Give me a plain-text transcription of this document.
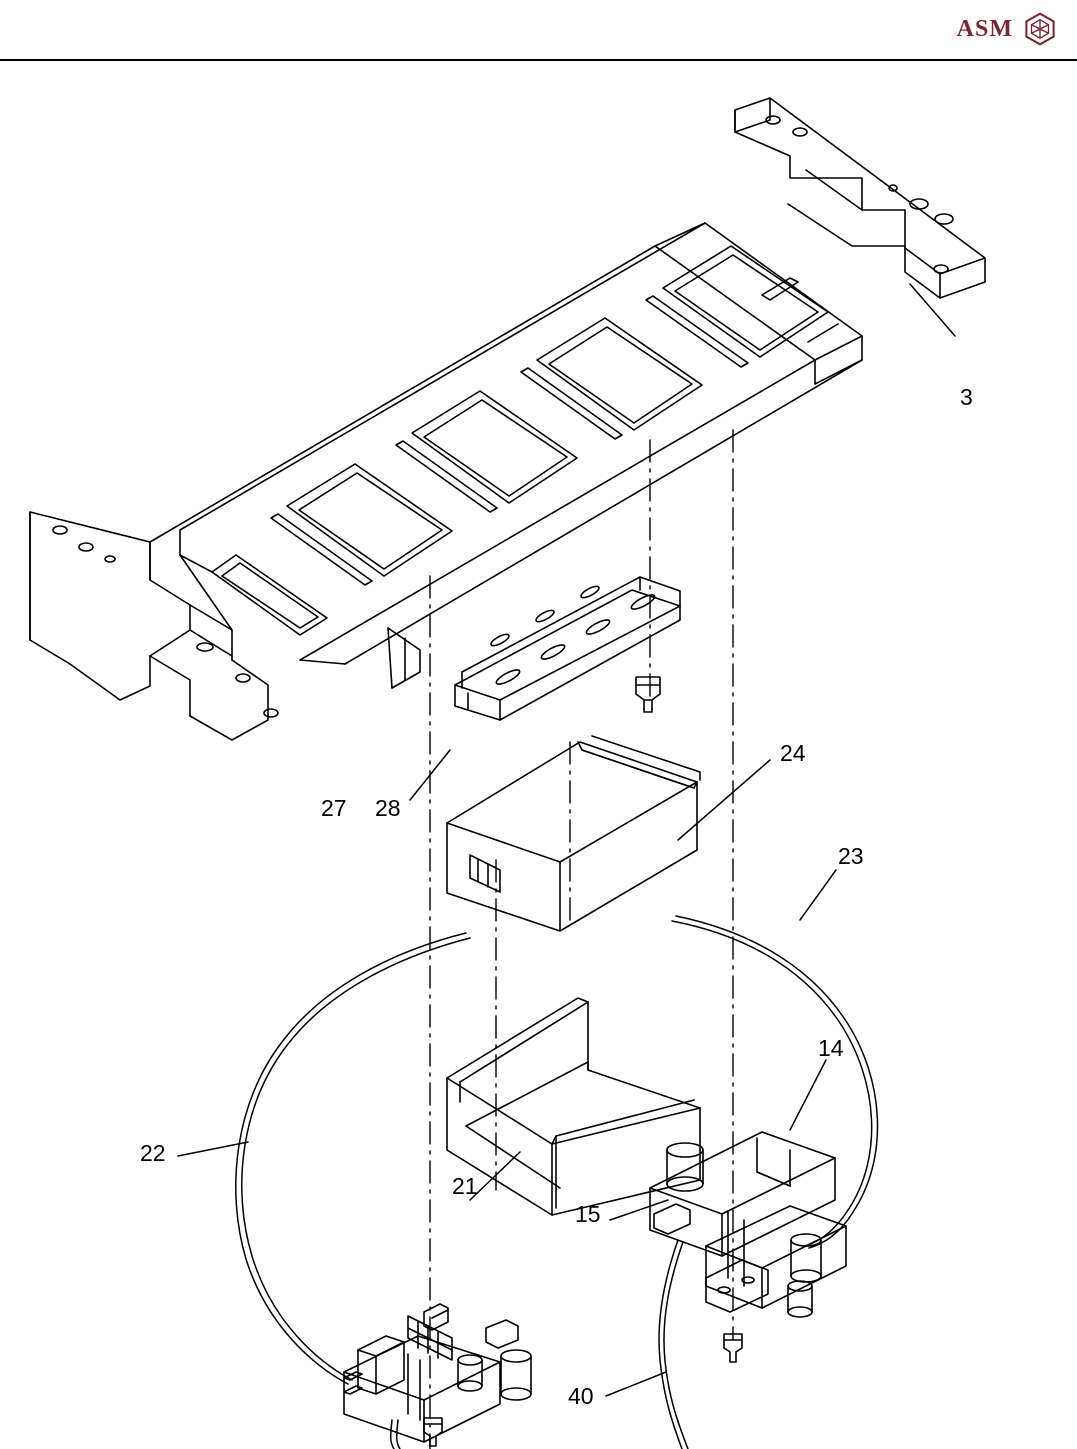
ASM
3
27 28
24
23
14
22
21
15
40
